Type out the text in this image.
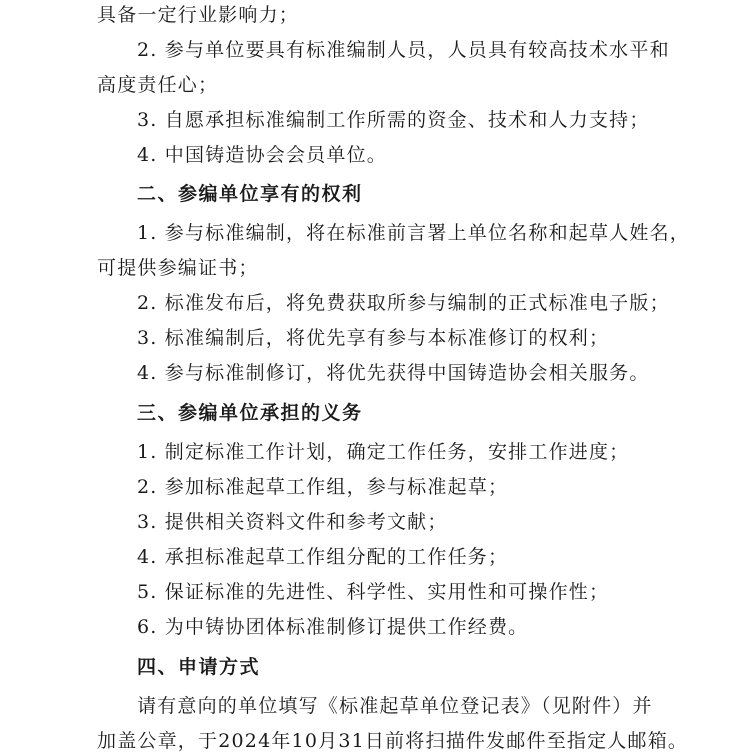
具备一定行业影响力；
2. 参与单位要具有标准编制人员，人员具有较高技术水平和
高度责任心；
3. 自愿承担标准编制工作所需的资金、技术和人力支持；
4. 中国铸造协会会员单位。
二、参编单位享有的权利
1. 参与标准编制，将在标准前言署上单位名称和起草人姓名，
可提供参编证书；
2. 标准发布后，将免费获取所参与编制的正式标准电子版；
3. 标准编制后，将优先享有参与本标准修订的权利；
4. 参与标准制修订，将优先获得中国铸造协会相关服务。
三、参编单位承担的义务
1. 制定标准工作计划，确定工作任务，安排工作进度；
2. 参加标准起草工作组，参与标准起草；
3. 提供相关资料文件和参考文献；
4. 承担标准起草工作组分配的工作任务；
5. 保证标准的先进性、科学性、实用性和可操作性；
6. 为中铸协团体标准制修订提供工作经费。
四、申请方式
请有意向的单位填写《标准起草单位登记表》（见附件）并
加盖公章，于2024年10月31日前将扫描件发邮件至指定人邮箱。
